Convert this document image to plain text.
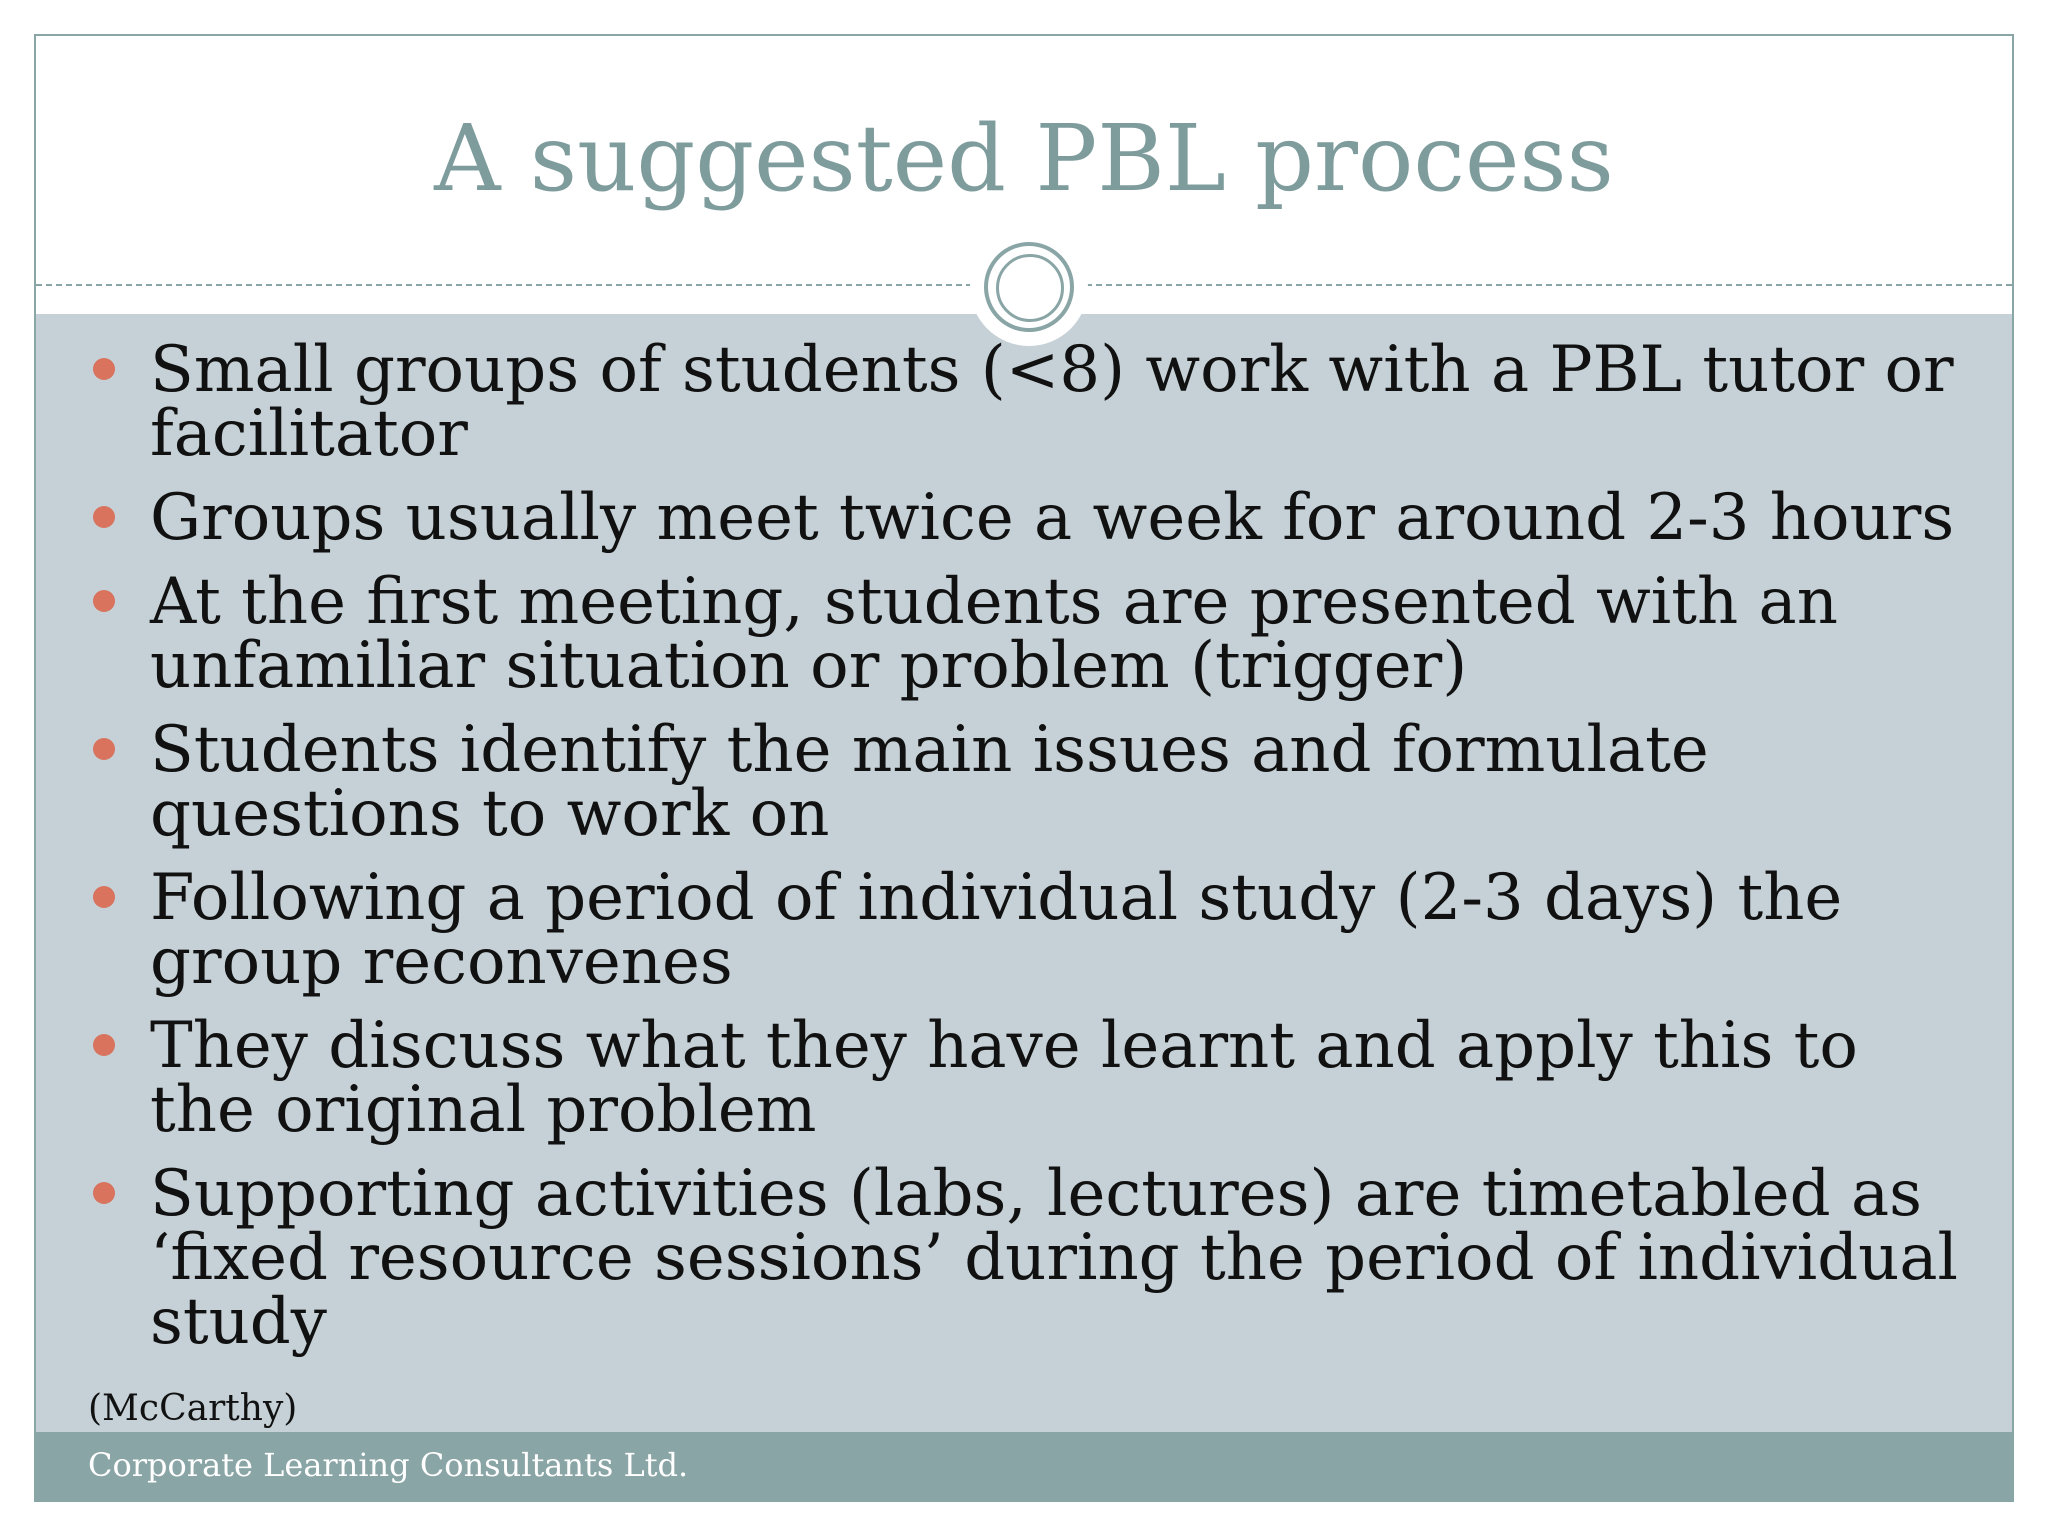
A suggested PBL process
Small groups of students (<8) work with a PBL tutor or facilitator
Groups usually meet twice a week for around 2-3 hours
At the first meeting, students are presented with an unfamiliar situation or problem (trigger)
Students identify the main issues and formulate questions to work on
Following a period of individual study (2-3 days) the group reconvenes
They discuss what they have learnt and apply this to the original problem
Supporting activities (labs, lectures) are timetabled as ‘fixed resource sessions’ during the period of individual study
(McCarthy)
Corporate Learning Consultants Ltd.
